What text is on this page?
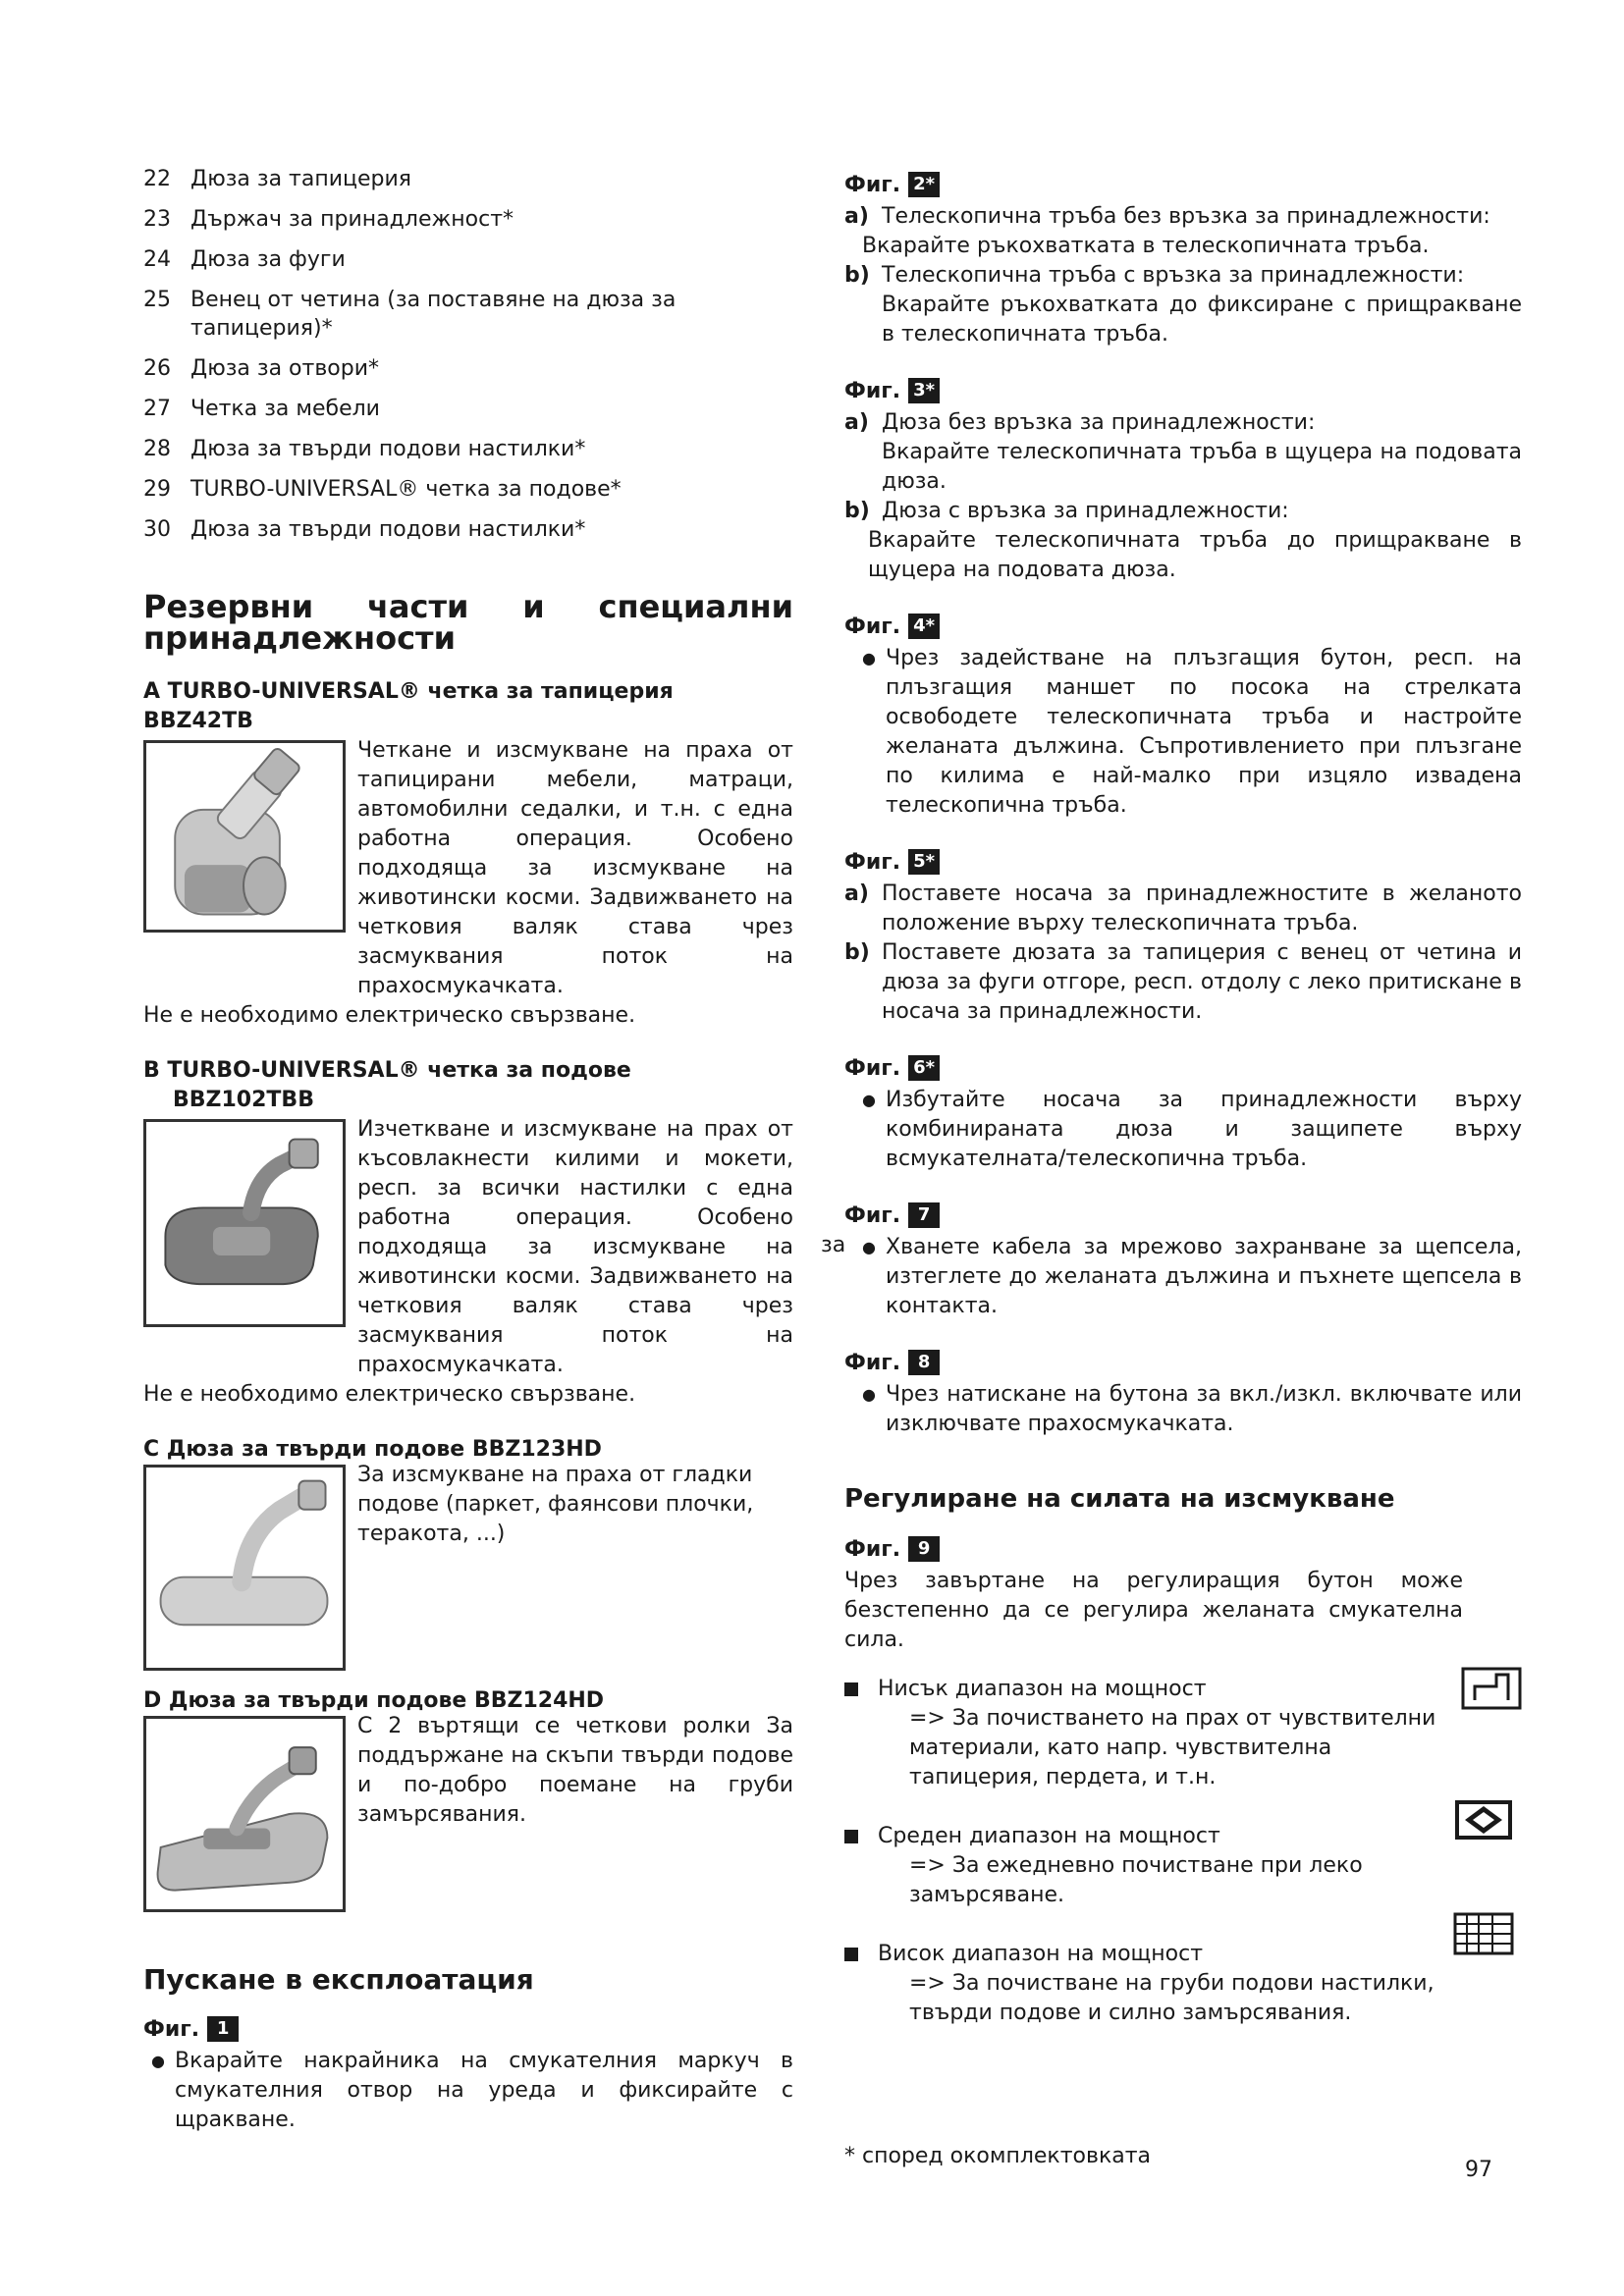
22 Дюза за тапицерия
23 Държач за принадлежност*
24 Дюза за фуги
25 Венец от четина (за поставяне на дюза за тапицерия)*
26 Дюза за отвори*
27 Четка за мебели
28 Дюза за твърди подови настилки*
29 TURBO-UNIVERSAL® четка за подове*
30 Дюза за твърди подови настилки*
Резервни части и специални
принадлежности
A TURBO-UNIVERSAL® четка за тапицерия
BBZ42TB
Четкане и изсмукване на прахa от тапицирани мебели, матраци, автомобилни седалки, и т.н. с една работна операция. Особено подходяща за изсмукване на животински косми. Задвижването на четковия валяк става чрез засмуквания поток на прахосмукачката.

Не е необходимо електрическо свързване.

B TURBO-UNIVERSAL® четка за подове
BBZ102TBB
Изчеткване и изсмукване на прах от късовлакнести килими и мокети, респ. за всички настилки с една работна операция. Особено подходяща за изсмукване на животински косми. Задвижването на четковия валяк става чрез засмуквания поток на прахосмукачката.

Не е необходимо електрическо свързване.

C Дюза за твърди подове BBZ123HD
За изсмукване на праха от гладки подове (паркет, фаянсови плочки, теракота, ...)
D Дюза за твърди подове BBZ124HD
С 2 въртящи се четкови ролки За поддържане на скъпи твърди подове и по-добро поемане на груби замърсявания.
Пускане в експлоатация
Фиг. 1
● Вкарайте накрайника на смукателния маркуч в смукателния отвор на уреда и фиксирайте с щракване.
за
Фиг. 2*
a) Телескопична тръба без връзка за принадлежности:
Вкарайте ръкохватката в телескопичната тръба.
b) Телескопична тръба с връзка за принадлежности:
Вкарайте ръкохватката до фиксиране с прищракване в телескопичната тръба.
Фиг. 3*
a) Дюза без връзка за принадлежности:
Вкарайте телескопичната тръба в щуцера на подовата дюза.
b) Дюза с връзка за принадлежности:
Вкарайте телескопичната тръба до прищракване в щуцера на подовата дюза.
Фиг. 4*
● Чрез задействане на плъзгащия бутон, респ. на плъзгащия маншет по посока на стрелката освободете телескопичната тръба и настройте желаната дължина. Съпротивлението при плъзгане по килима е най-малко при изцяло извадена телескопична тръба.
Фиг. 5*
a) Поставете носача за принадлежностите в желаното положение върху телескопичната тръба.
b) Поставете дюзата за тапицерия с венец от четина и дюза за фуги отгоре, респ. отдолу с леко притискане в носача за принадлежности.
Фиг. 6*
● Избутайте носача за принадлежности върху комбинираната дюза и защипете върху всмукателната/телескопична тръба.
Фиг. 7
● Хванете кабела за мрежово захранване за щепсела, изтеглете до желаната дължина и пъхнете щепсела в контакта.
Фиг. 8
● Чрез натискане на бутона за вкл./изкл. включвате или изключвате прахосмукачката.
Регулиране на силата на изсмукване
Фиг. 9
Чрез завъртане на регулиращия бутон може безстепенно да се регулира желаната смукателна сила.
Нисък диапазон на мощност
=> За почистването на прах от чувствителни материали, като напр. чувствителна тапицерия, пердета, и т.н.
Среден диапазон на мощност
=> За ежедневно почистване при леко замърсяване.
Висок диапазон на мощност
=> За почистване на груби подови настилки, твърди подове и силно замърсявания.
* според окомплектовката
97
